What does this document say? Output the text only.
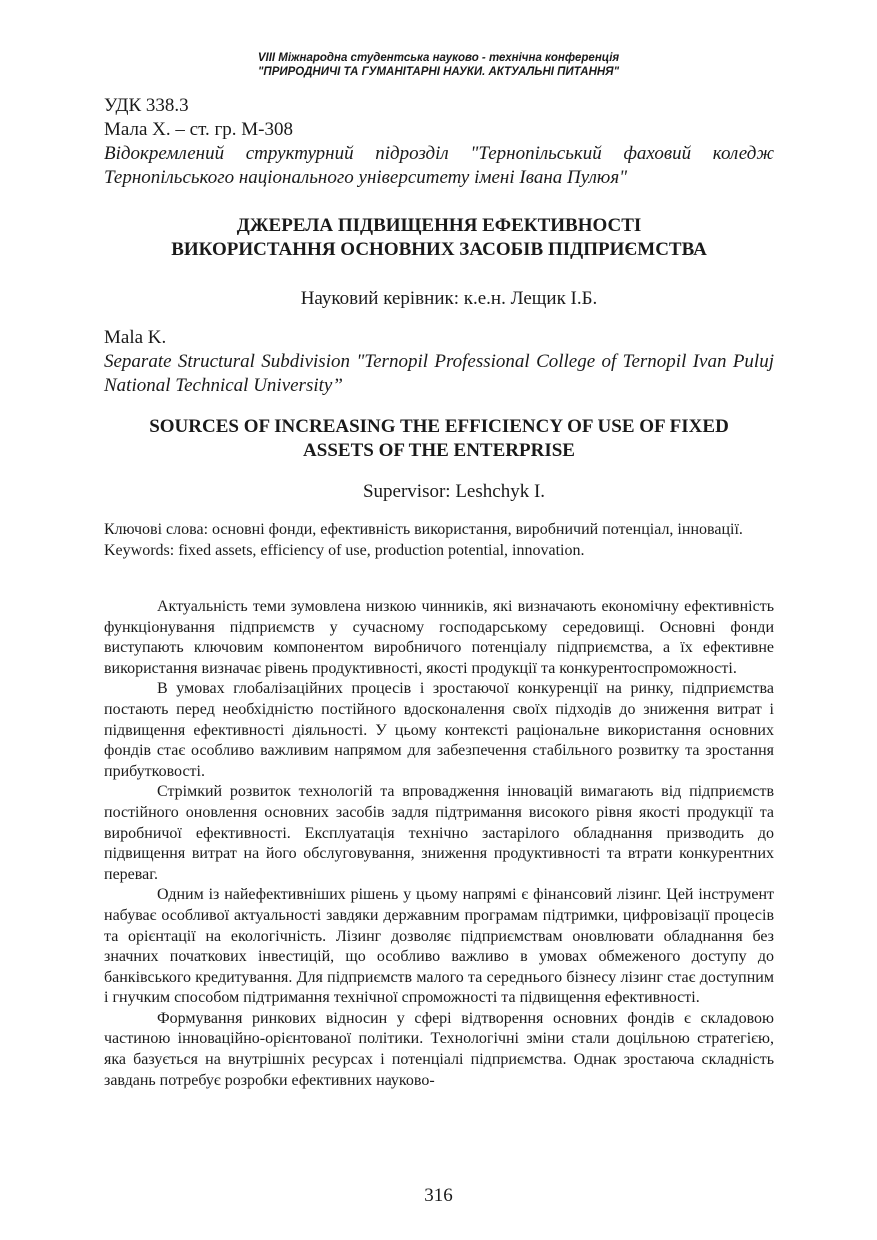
VIII Міжнародна студентська науково - технічна конференція
"ПРИРОДНИЧІ ТА ГУМАНІТАРНІ НАУКИ. АКТУАЛЬНІ ПИТАННЯ"
УДК 338.3
Мала Х. – ст. гр. М-308
Відокремлений структурний підрозділ "Тернопільський фаховий коледж Тернопільського національного університету імені Івана Пулюя"
ДЖЕРЕЛА ПІДВИЩЕННЯ ЕФЕКТИВНОСТІ
ВИКОРИСТАННЯ ОСНОВНИХ ЗАСОБІВ ПІДПРИЄМСТВА
Науковий керівник: к.е.н. Лещик І.Б.
Mala K.
Separate Structural Subdivision "Ternopil Professional College of Ternopil Ivan Puluj National Technical University”
SOURCES OF INCREASING THE EFFICIENCY OF USE OF FIXED
ASSETS OF THE ENTERPRISE
Supervisor: Leshchyk I.
Ключові слова: основні фонди, ефективність використання, виробничий потенціал, інновації.
Keywords: fixed assets, efficiency of use, production potential, innovation.

Актуальність теми зумовлена низкою чинників, які визначають економічну ефективність функціонування підприємств у сучасному господарському середовищі. Основні фонди виступають ключовим компонентом виробничого потенціалу підприємства, а їх ефективне використання визначає рівень продуктивності, якості продукції та конкурентоспроможності.

В умовах глобалізаційних процесів і зростаючої конкуренції на ринку, підприємства постають перед необхідністю постійного вдосконалення своїх підходів до зниження витрат і підвищення ефективності діяльності. У цьому контексті раціональне використання основних фондів стає особливо важливим напрямом для забезпечення стабільного розвитку та зростання прибутковості.

Стрімкий розвиток технологій та впровадження інновацій вимагають від підприємств постійного оновлення основних засобів задля підтримання високого рівня якості продукції та виробничої ефективності. Експлуатація технічно застарілого обладнання призводить до підвищення витрат на його обслуговування, зниження продуктивності та втрати конкурентних переваг.

Одним із найефективніших рішень у цьому напрямі є фінансовий лізинг. Цей інструмент набуває особливої актуальності завдяки державним програмам підтримки, цифровізації процесів та орієнтації на екологічність. Лізинг дозволяє підприємствам оновлювати обладнання без значних початкових інвестицій, що особливо важливо в умовах обмеженого доступу до банківського кредитування. Для підприємств малого та середнього бізнесу лізинг стає доступним і гнучким способом підтримання технічної спроможності та підвищення ефективності.

Формування ринкових відносин у сфері відтворення основних фондів є складовою частиною інноваційно-орієнтованої політики. Технологічні зміни стали доцільною стратегією, яка базується на внутрішніх ресурсах і потенціалі підприємства. Однак зростаюча складність завдань потребує розробки ефективних науково-

316
